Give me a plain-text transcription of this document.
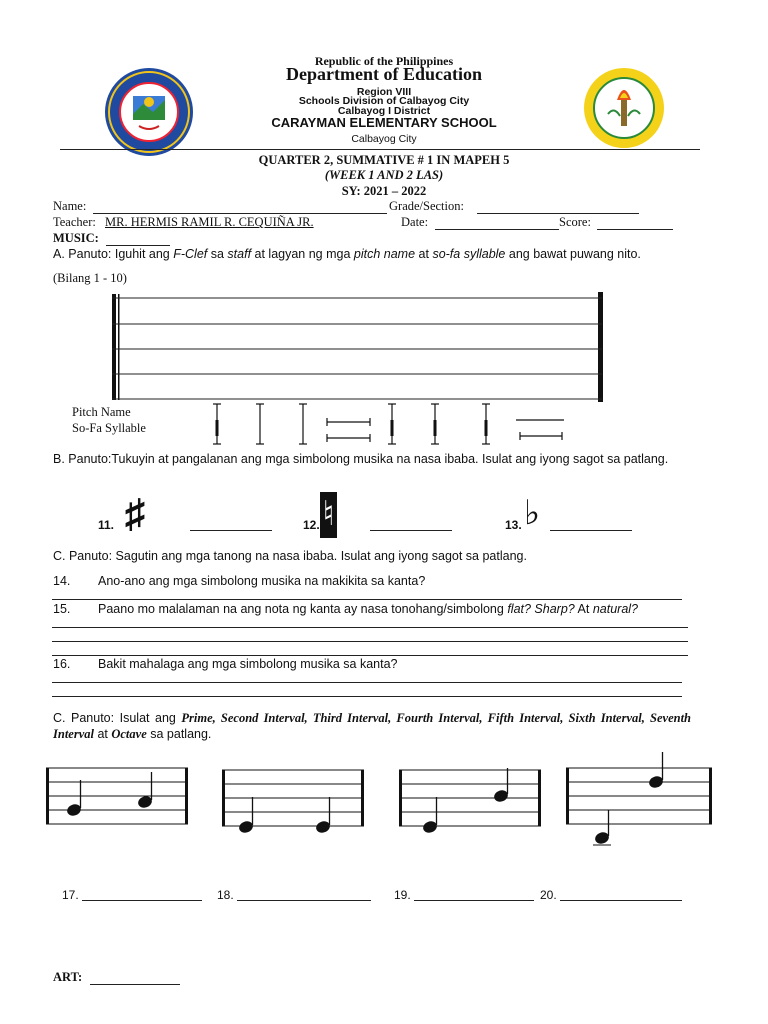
Republic of the Philippines
Department of Education
Region VIII
Schools Division of Calbayog City
Calbayog I District
CARAYMAN ELEMENTARY SCHOOL
Calbayog City
QUARTER 2, SUMMATIVE # 1 IN MAPEH 5
(WEEK 1 AND 2 LAS)
SY: 2021 – 2022
Name:	Grade/Section:
Teacher: MR. HERMIS RAMIL R. CEQUIÑA JR.	Date:	Score:
MUSIC:
A. Panuto: Iguhit ang F-Clef sa staff at lagyan ng mga pitch name at so-fa syllable ang bawat puwang nito.
(Bilang 1 - 10)
Pitch Name
So-Fa Syllable
B. Panuto:Tukuyin at pangalanan ang mga simbolong musika na nasa ibaba. Isulat ang iyong sagot sa patlang.
11. ♯	12. ♮	13. ♭
C. Panuto: Sagutin ang mga tanong na nasa ibaba. Isulat ang iyong sagot sa patlang.
14. Ano-ano ang mga simbolong musika na makikita sa kanta?
15. Paano mo malalaman na ang nota ng kanta ay nasa tonohang/simbolong flat? Sharp? At natural?
16. Bakit mahalaga ang mga simbolong musika sa kanta?
C. Panuto: Isulat ang Prime, Second Interval, Third Interval, Fourth Interval, Fifth Interval, Sixth Interval, Seventh Interval at Octave sa patlang.
17.	18.	19.	20.
ART:
